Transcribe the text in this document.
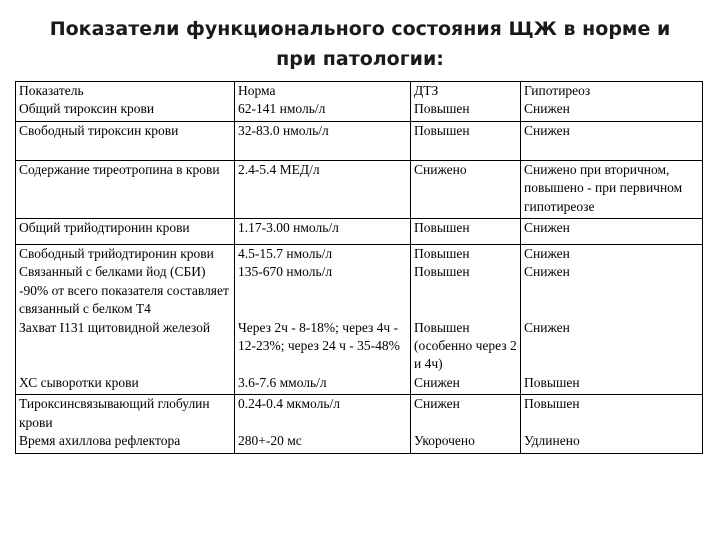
Показатели функционального состояния ЩЖ в норме и при патологии:
Показатель	Норма	ДТЗ	Гипотиреоз
Общий тироксин крови	62-141 нмоль/л	Повышен	Снижен
Свободный тироксин крови	32-83.0 нмоль/л	Повышен	Снижен
Содержание тиреотропина в крови	2.4-5.4 МЕД/л	Снижено	Снижено при вторичном, повышено - при первичном гипотиреозе
Общий трийодтиронин крови	1.17-3.00 нмоль/л	Повышен	Снижен
Свободный трийодтиронин крови	4.5-15.7 нмоль/л	Повышен	Снижен
Связанный с белками йод (СБИ) -90% от всего показателя составляет связанный с белком Т4	135-670 нмоль/л	Повышен	Снижен
Захват I131 щитовидной железой	Через 2ч - 8-18%; через 4ч - 12-23%; через 24 ч - 35-48%	Повышен (особенно через 2 и 4ч)	Снижен
ХС сыворотки крови	3.6-7.6 ммоль/л	Снижен	Повышен
Тироксинсвязывающий глобулин крови	0.24-0.4 мкмоль/л	Снижен	Повышен
Время ахиллова рефлектора	280+-20 мс	Укорочено	Удлинено
